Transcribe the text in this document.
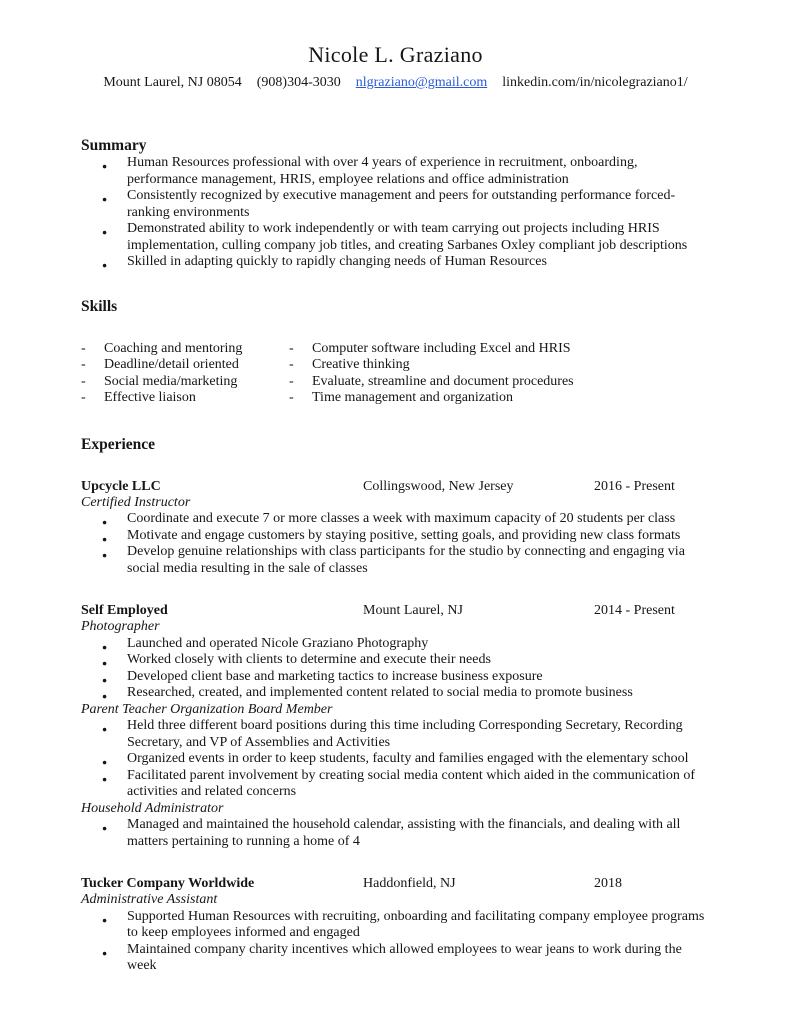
Nicole L. Graziano
Mount Laurel, NJ 08054 (908)304-3030 nlgraziano@gmail.com linkedin.com/in/nicolegraziano1/
Summary
● Human Resources professional with over 4 years of experience in recruitment, onboarding, performance management, HRIS, employee relations and office administration
● Consistently recognized by executive management and peers for outstanding performance forced-ranking environments
● Demonstrated ability to work independently or with team carrying out projects including HRIS implementation, culling company job titles, and creating Sarbanes Oxley compliant job descriptions
● Skilled in adapting quickly to rapidly changing needs of Human Resources
Skills
- Coaching and mentoring
- Deadline/detail oriented
- Social media/marketing
- Effective liaison
- Computer software including Excel and HRIS
- Creative thinking
- Evaluate, streamline and document procedures
- Time management and organization
Experience
Upcycle LLC	Collingswood, New Jersey	2016 - Present
Certified Instructor
● Coordinate and execute 7 or more classes a week with maximum capacity of 20 students per class
● Motivate and engage customers by staying positive, setting goals, and providing new class formats
● Develop genuine relationships with class participants for the studio by connecting and engaging via social media resulting in the sale of classes
Self Employed	Mount Laurel, NJ	2014 - Present
Photographer
● Launched and operated Nicole Graziano Photography
● Worked closely with clients to determine and execute their needs
● Developed client base and marketing tactics to increase business exposure
● Researched, created, and implemented content related to social media to promote business
Parent Teacher Organization Board Member
● Held three different board positions during this time including Corresponding Secretary, Recording Secretary, and VP of Assemblies and Activities
● Organized events in order to keep students, faculty and families engaged with the elementary school
● Facilitated parent involvement by creating social media content which aided in the communication of activities and related concerns
Household Administrator
● Managed and maintained the household calendar, assisting with the financials, and dealing with all matters pertaining to running a home of 4
Tucker Company Worldwide	Haddonfield, NJ	2018
Administrative Assistant
● Supported Human Resources with recruiting, onboarding and facilitating company employee programs to keep employees informed and engaged
● Maintained company charity incentives which allowed employees to wear jeans to work during the week
